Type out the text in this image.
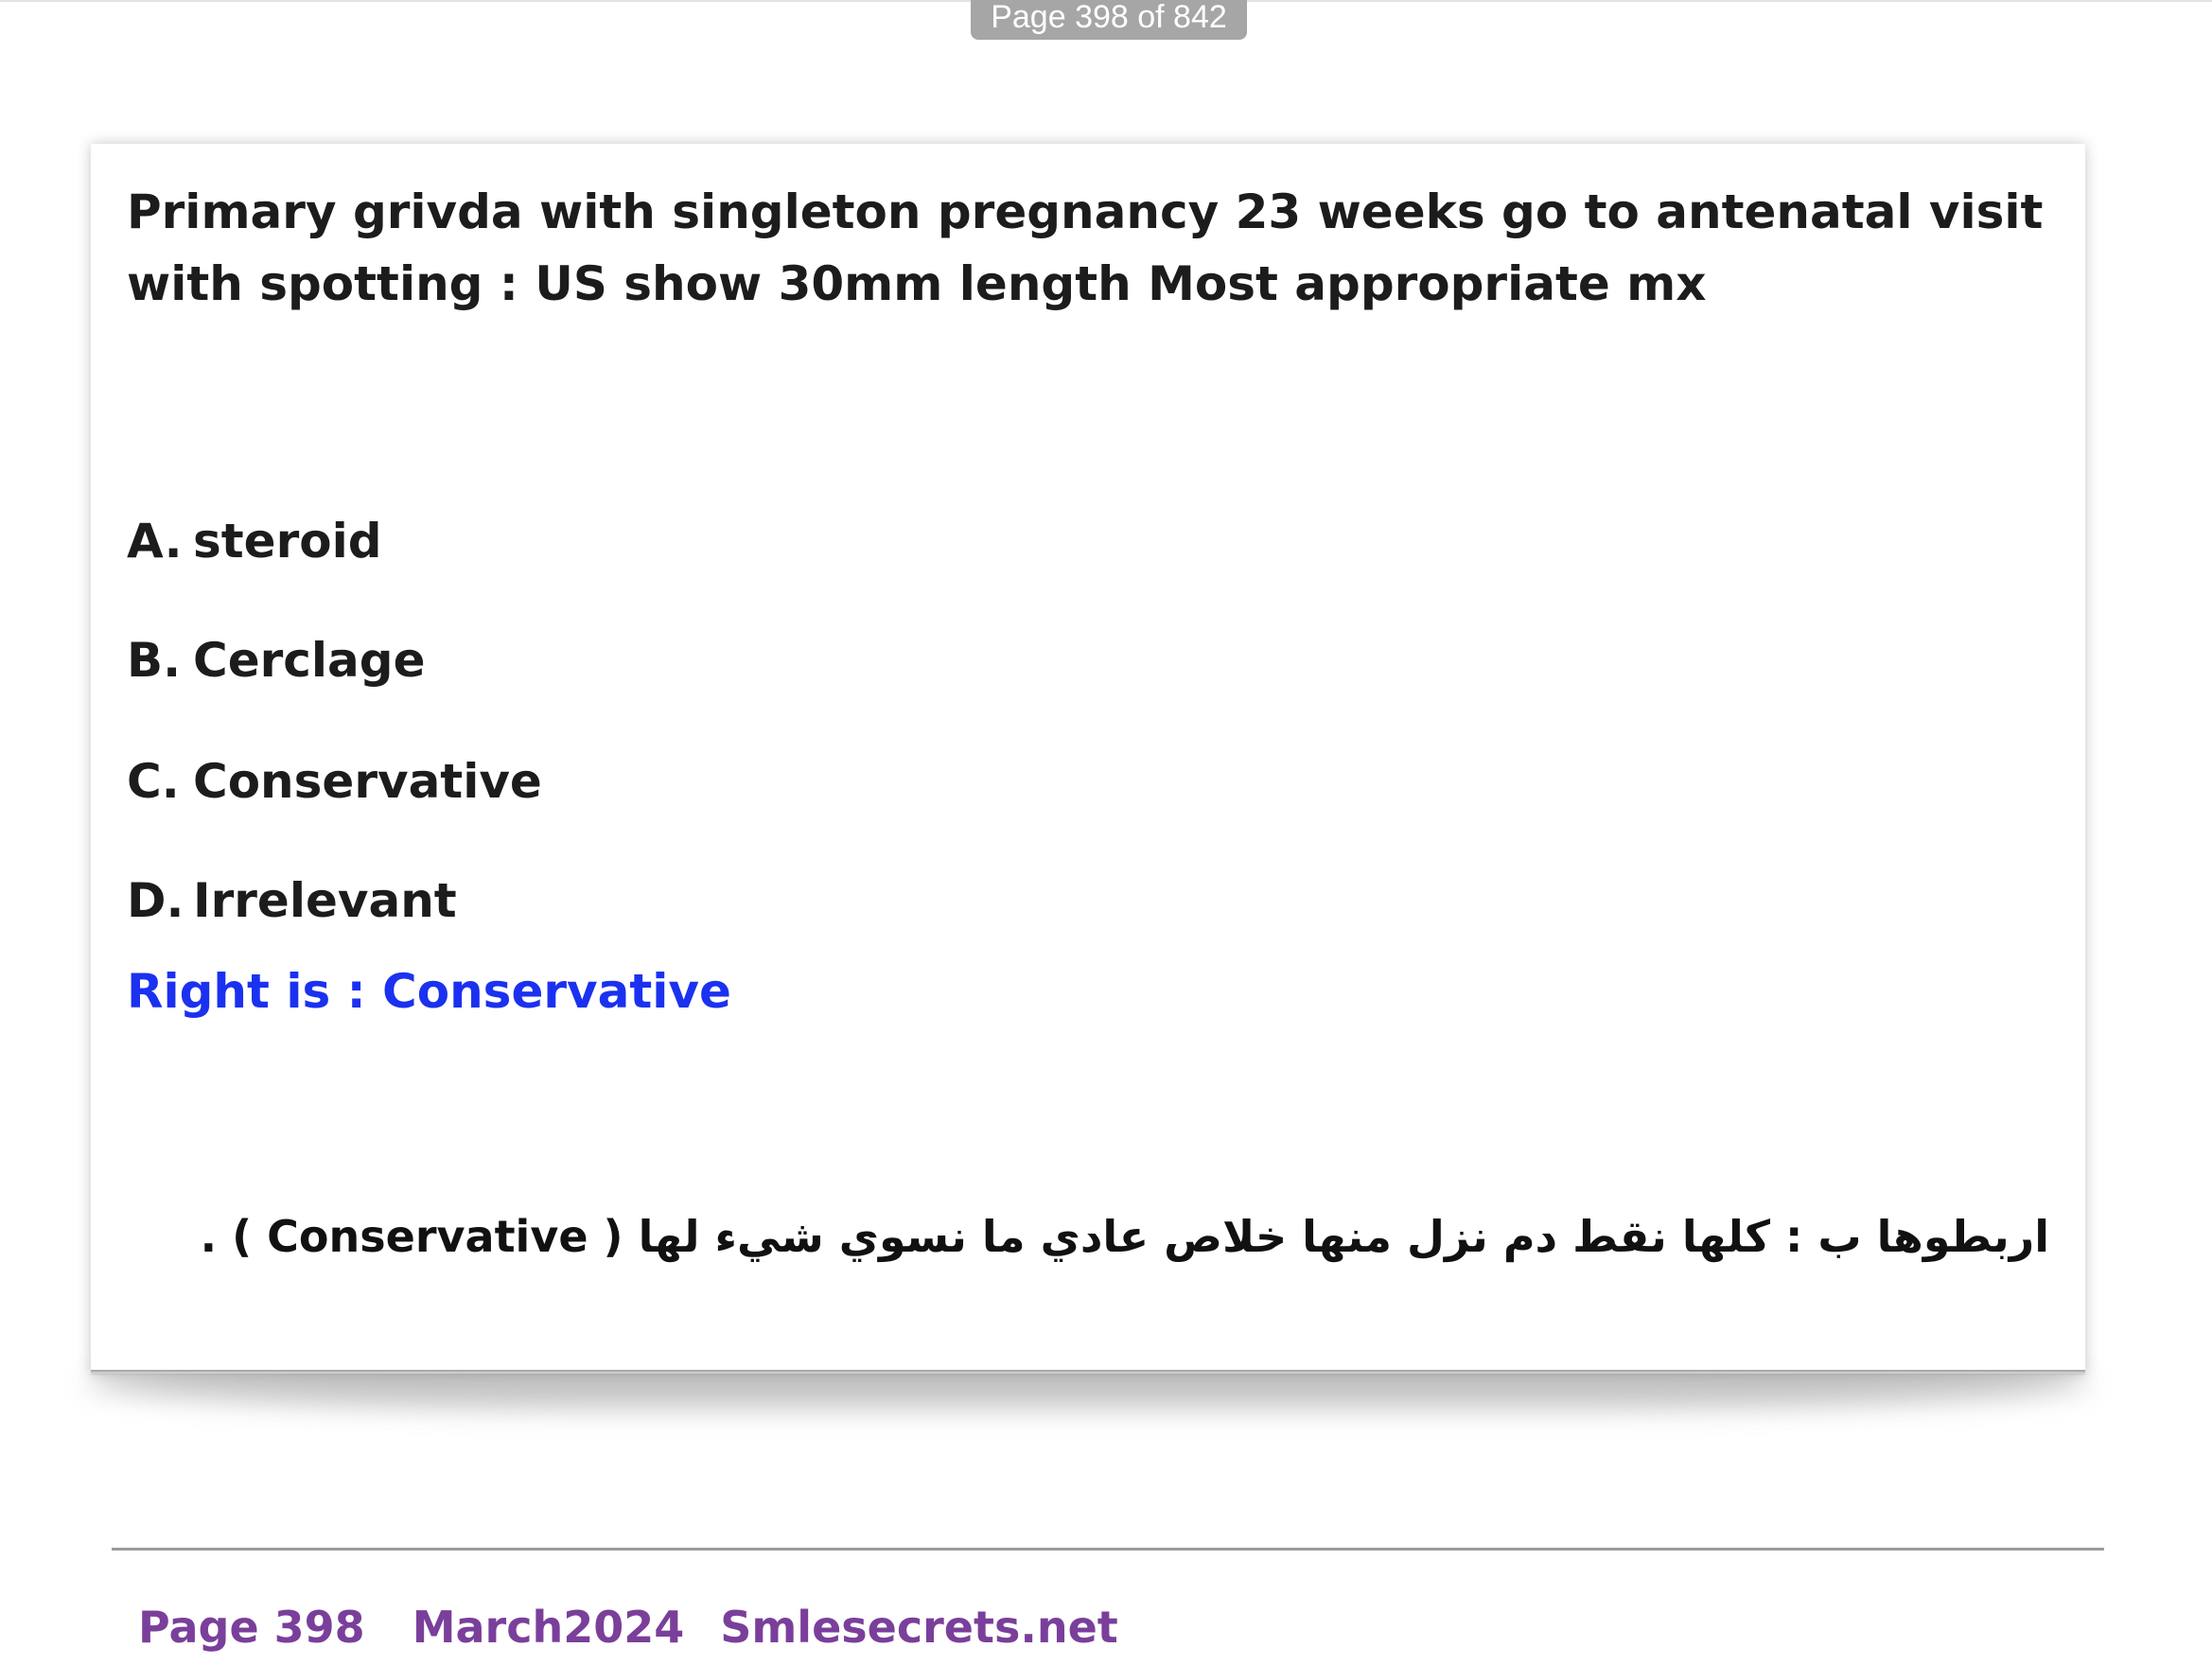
Page 398 of 842

Primary grivda with singleton pregnancy 23 weeks go to antenatal visit with spotting : US show 30mm length Most appropriate mx

A. steroid

B. Cerclage

C. Conservative

D. Irrelevant

Right is : Conservative

اربطوها ب : كلها نقط دم نزل منها خلاص عادي ما نسوي شيء لها ( Conservative ) .

Page 398 March2024 Smlesecrets.net
